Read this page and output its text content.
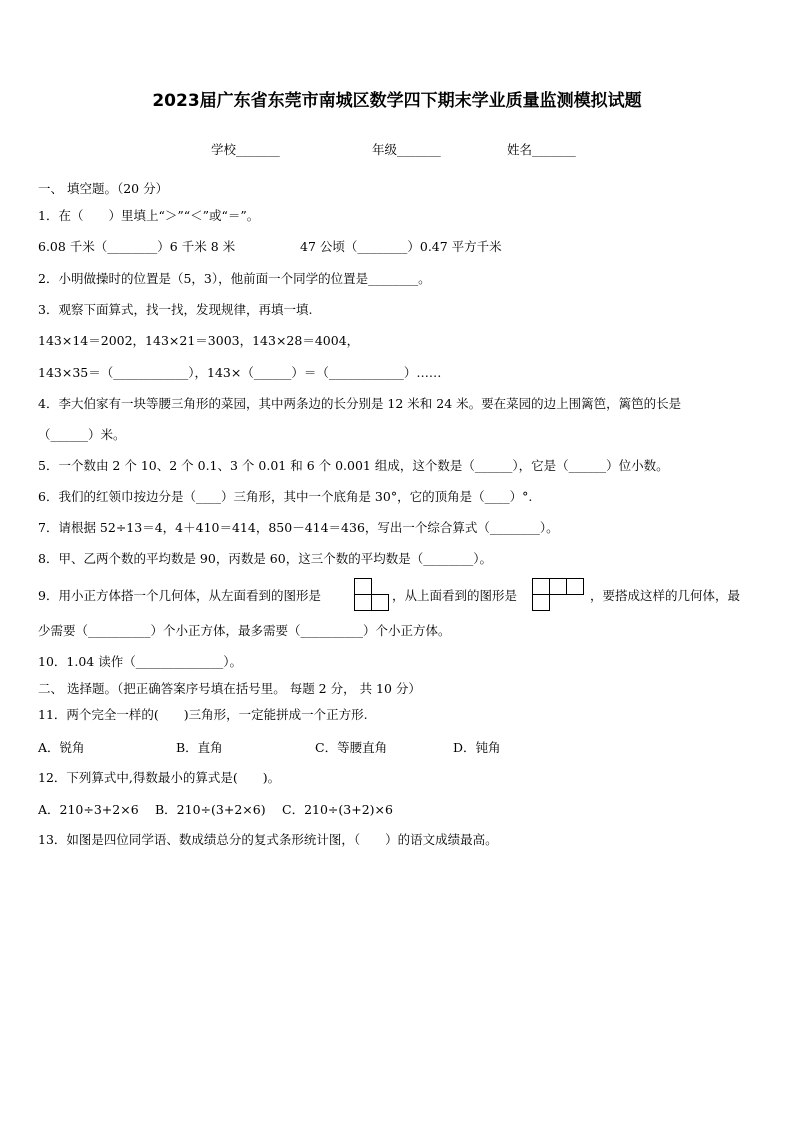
2023届广东省东莞市南城区数学四下期末学业质量监测模拟试题
学校_______	年级_______	姓名_______
一、 填空题。（20 分）
1．在（　　）里填上“＞”“＜”或“＝”。
6.08 千米（________）6 千米 8 米	47 公顷（________）0.47 平方千米
2．小明做操时的位置是（5，3），他前面一个同学的位置是________。
3．观察下面算式，找一找，发现规律，再填一填.
143×14＝2002，143×21＝3003，143×28＝4004，
143×35＝（____________），143×（______）＝（____________）……
4．李大伯家有一块等腰三角形的菜园，其中两条边的长分别是 12 米和 24 米。要在菜园的边上围篱笆，篱笆的长是
（______）米。
5．一个数由 2 个 10、2 个 0.1、3 个 0.01 和 6 个 0.001 组成，这个数是（______），它是（______）位小数。
6．我们的红领巾按边分是（____）三角形，其中一个底角是 30°，它的顶角是（____）°.
7．请根据 52÷13＝4，4＋410＝414，850－414＝436，写出一个综合算式（________）。
8．甲、乙两个数的平均数是 90，丙数是 60，这三个数的平均数是（________）。
9．用小正方体搭一个几何体，从左面看到的图形是	，从上面看到的图形是	，要搭成这样的几何体，最
少需要（__________）个小正方体，最多需要（__________）个小正方体。
10．1.04 读作（______________）。
二、 选择题。（把正确答案序号填在括号里。 每题 2 分， 共 10 分）
11．两个完全一样的(　　)三角形，一定能拼成一个正方形.
A．锐角	B．直角	C．等腰直角	D．钝角
12．下列算式中,得数最小的算式是(　　)。
A．210÷3+2×6 B．210÷(3+2×6) C．210÷(3+2)×6
13．如图是四位同学语、数成绩总分的复式条形统计图，（　　）的语文成绩最高。
